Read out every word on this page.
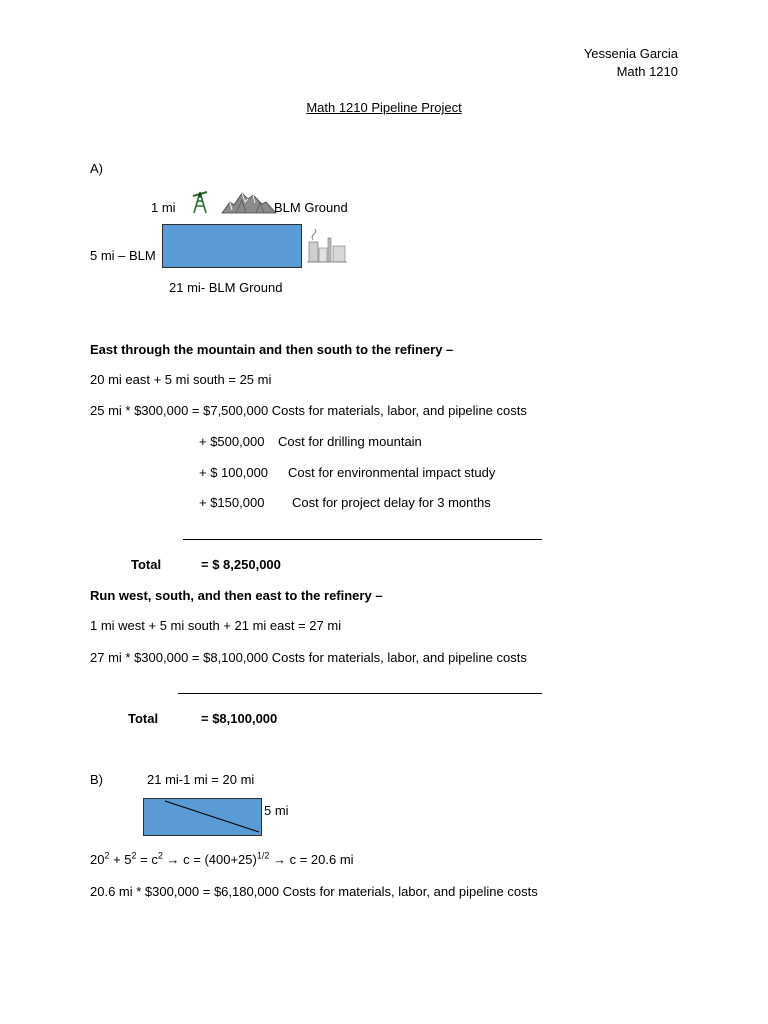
Yessenia Garcia
Math 1210
Math 1210 Pipeline Project
A)
1 mi	BLM Ground
5 mi – BLM
21 mi- BLM Ground
East through the mountain and then south to the refinery –
20 mi east + 5 mi south = 25 mi
25 mi * $300,000 = $7,500,000 Costs for materials, labor, and pipeline costs
+ $500,000 Cost for drilling mountain
+ $ 100,000 Cost for environmental impact study
+ $150,000 Cost for project delay for 3 months
Total	= $ 8,250,000
Run west, south, and then east to the refinery –
1 mi west + 5 mi south + 21 mi east = 27 mi
27 mi * $300,000 = $8,100,000 Costs for materials, labor, and pipeline costs
Total	= $8,100,000
B)	21 mi-1 mi = 20 mi
5 mi
$20^2 + 5^2 = c^2 \to c = (400+25)^{1/2} \to c = 20.6$ mi
20.6 mi * $300,000 = $6,180,000 Costs for materials, labor, and pipeline costs
